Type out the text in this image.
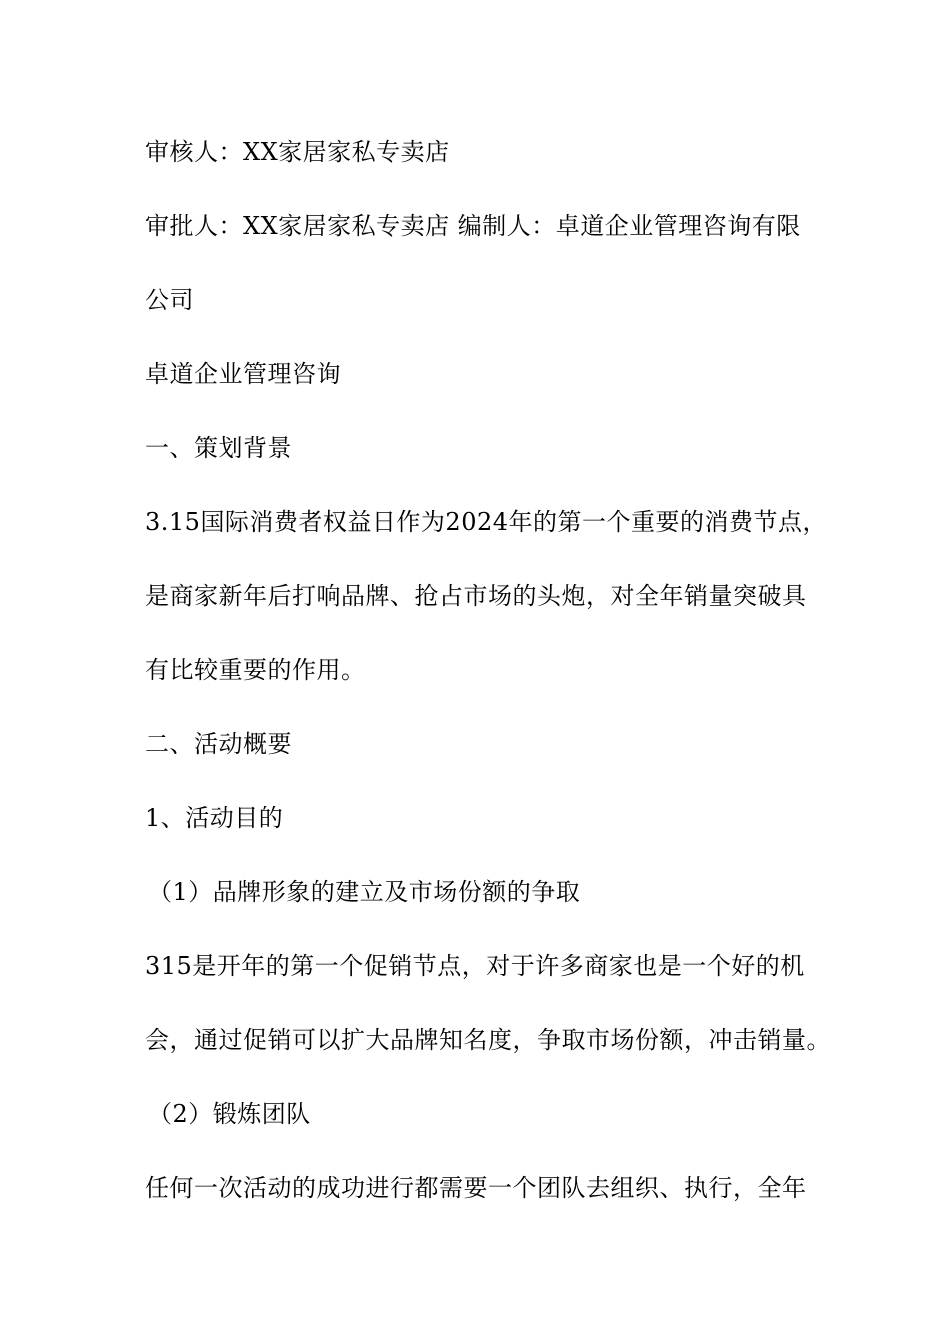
审核人：XX家居家私专卖店
审批人：XX家居家私专卖店 编制人：卓道企业管理咨询有限
公司
卓道企业管理咨询
一、策划背景
3.15国际消费者权益日作为2024年的第一个重要的消费节点，
是商家新年后打响品牌、抢占市场的头炮，对全年销量突破具
有比较重要的作用。
二、活动概要
1、活动目的
（1）品牌形象的建立及市场份额的争取
315是开年的第一个促销节点，对于许多商家也是一个好的机
会，通过促销可以扩大品牌知名度，争取市场份额，冲击销量。
（2）锻炼团队
任何一次活动的成功进行都需要一个团队去组织、执行，全年
